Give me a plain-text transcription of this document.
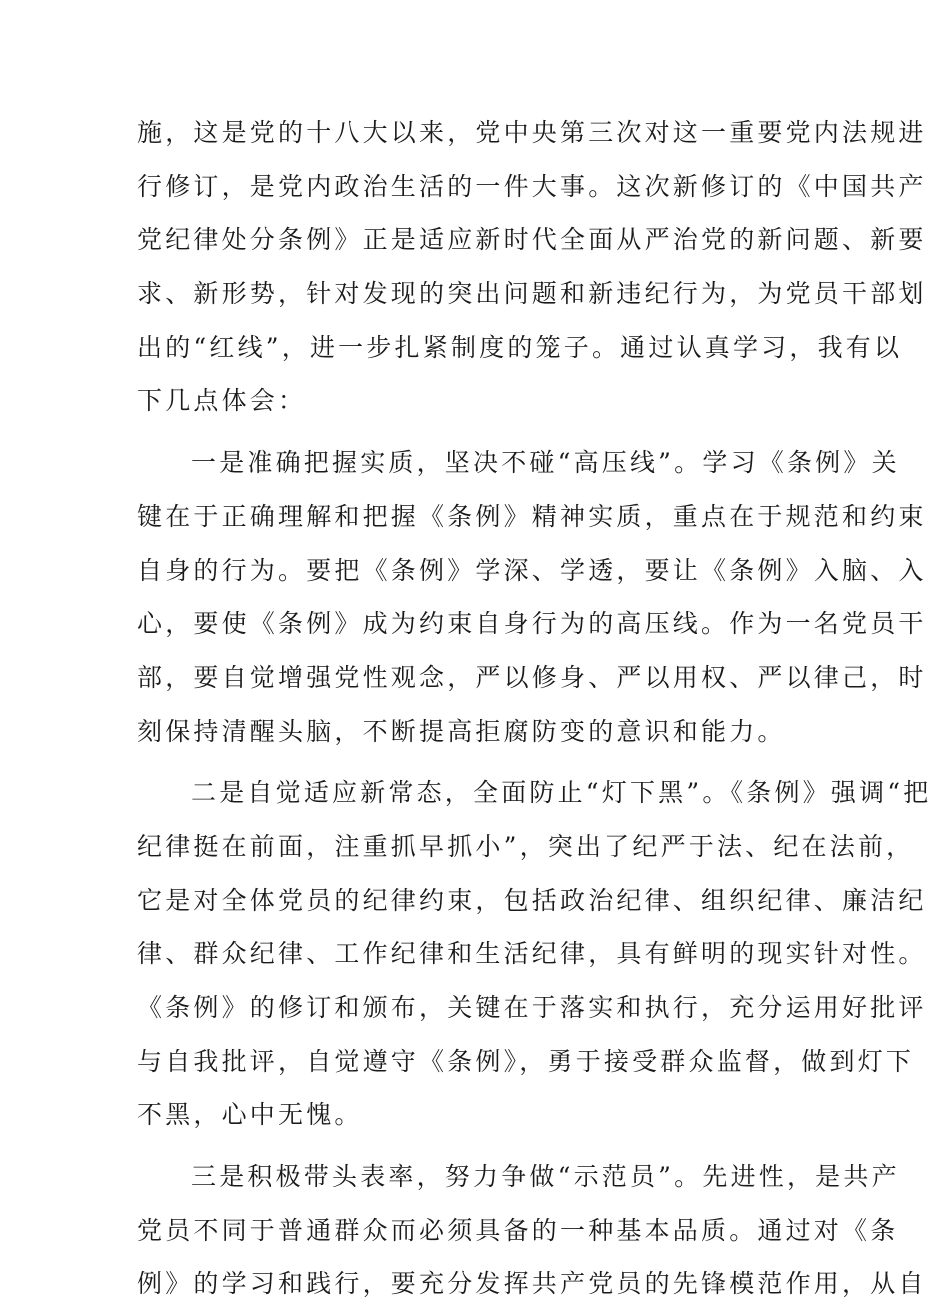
施，这是党的十八大以来，党中央第三次对这一重要党内法规进
行修订，是党内政治生活的一件大事。这次新修订的《中国共产
党纪律处分条例》正是适应新时代全面从严治党的新问题、新要
求、新形势，针对发现的突出问题和新违纪行为，为党员干部划
出的“红线”，进一步扎紧制度的笼子。通过认真学习，我有以
下几点体会：
一是准确把握实质，坚决不碰“高压线”。学习《条例》关
键在于正确理解和把握《条例》精神实质，重点在于规范和约束
自身的行为。要把《条例》学深、学透，要让《条例》入脑、入
心，要使《条例》成为约束自身行为的高压线。作为一名党员干
部，要自觉增强党性观念，严以修身、严以用权、严以律己，时
刻保持清醒头脑，不断提高拒腐防变的意识和能力。
二是自觉适应新常态，全面防止“灯下黑”。《条例》强调“把
纪律挺在前面，注重抓早抓小”，突出了纪严于法、纪在法前，
它是对全体党员的纪律约束，包括政治纪律、组织纪律、廉洁纪
律、群众纪律、工作纪律和生活纪律，具有鲜明的现实针对性。
《条例》的修订和颁布，关键在于落实和执行，充分运用好批评
与自我批评，自觉遵守《条例》，勇于接受群众监督，做到灯下
不黑，心中无愧。
三是积极带头表率，努力争做“示范员”。先进性，是共产
党员不同于普通群众而必须具备的一种基本品质。通过对《条
例》的学习和践行，要充分发挥共产党员的先锋模范作用，从自
